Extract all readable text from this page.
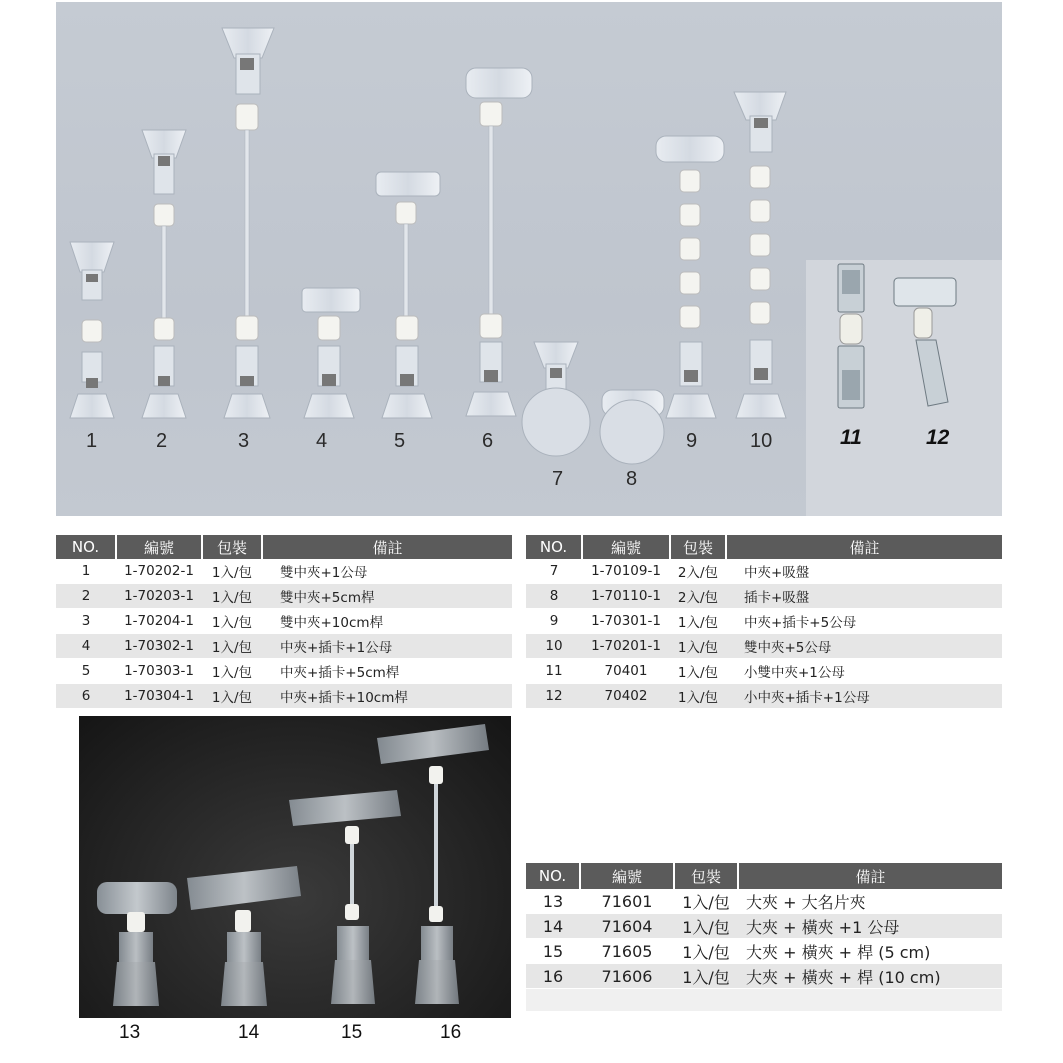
1	2	3	4	5	6
7	8
9	10	11	12
NO.	編號	包裝	備註
1	1-70202-1	1入/包	雙中夾+1公母
2	1-70203-1	1入/包	雙中夾+5cm桿
3	1-70204-1	1入/包	雙中夾+10cm桿
4	1-70302-1	1入/包	中夾+插卡+1公母
5	1-70303-1	1入/包	中夾+插卡+5cm桿
6	1-70304-1	1入/包	中夾+插卡+10cm桿
NO.	編號	包裝	備註
7	1-70109-1	2入/包	中夾+吸盤
8	1-70110-1	2入/包	插卡+吸盤
9	1-70301-1	1入/包	中夾+插卡+5公母
10	1-70201-1	1入/包	雙中夾+5公母
11	70401	1入/包	小雙中夾+1公母
12	70402	1入/包	小中夾+插卡+1公母
13	14	15	16
NO.	編號	包裝	備註
13	71601	1入/包	大夾 + 大名片夾
14	71604	1入/包	大夾 + 橫夾 +1 公母
15	71605	1入/包	大夾 + 橫夾 + 桿 (5 cm)
16	71606	1入/包	大夾 + 橫夾 + 桿 (10 cm)
